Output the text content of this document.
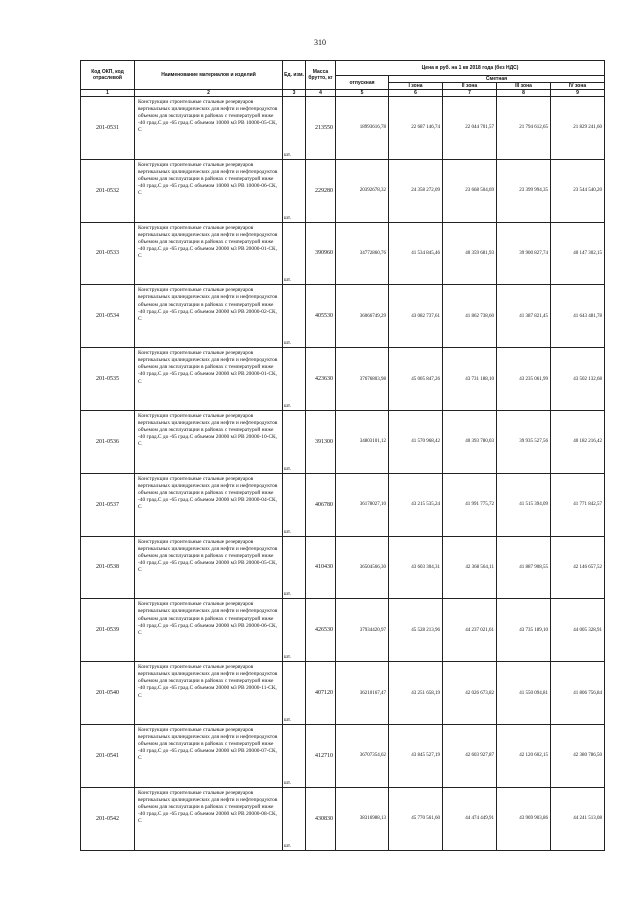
310
Код ОКП, код отраслевой	Наименование материалов и изделий	Ед. изм.	Масса брутто, кг	Цена в руб. на 1 кв 2018 года (без НДС)				
				отпускная	Сметная			
					I зона	II зона	III зона	IV зона
1	2	3	4	5	6	7	8	9
201-0531	Конструкции строительные стальные резервуаров вертикальных цилиндрических для нефти и нефтепродуктов объемом для эксплуатации в районах с температурой ниже -40 град.С до -65 град.С объемом 10000 м3 РВ 10000-05-СК, С	шт.	213550	18993616,78	22 687 146,74	22 044 701,57	21 794 612,65	21 829 241,60
201-0532	Конструкции строительные стальные резервуаров вертикальных цилиндрических для нефти и нефтепродуктов объемом для эксплуатации в районах с температурой ниже -40 град.С до -65 град.С объемом 10000 м3 РВ 10000-06-СК, С	шт.	229280	20392678,32	24 358 272,09	23 668 504,69	23 399 994,35	23 544 540,20
201-0533	Конструкции строительные стальные резервуаров вертикальных цилиндрических для нефти и нефтепродуктов объемом для эксплуатации в районах с температурой ниже -40 град.С до -65 град.С объемом 20000 м3 РВ 20000-01-СК, С	шт.	390960	34772860,76	41 534 845,46	40 359 681,93	39 900 827,74	40 147 302,15
201-0534	Конструкции строительные стальные резервуаров вертикальных цилиндрических для нефти и нефтепродуктов объемом для эксплуатации в районах с температурой ниже -40 град.С до -65 град.С объемом 20000 м3 РВ 20000-02-СК, С	шт.	405530	36066749,29	43 082 737,61	41 862 738,60	41 387 821,45	41 643 481,78
201-0535	Конструкции строительные стальные резервуаров вертикальных цилиндрических для нефти и нефтепродуктов объемом для эксплуатации в районах с температурой ниже -40 град.С до -65 град.С объемом 20000 м3 РВ 20000-01-СК, С	шт.	423630	37676803,98	45 005 847,26	43 731 188,10	43 235 061,99	43 502 132,68
201-0536	Конструкции строительные стальные резервуаров вертикальных цилиндрических для нефти и нефтепродуктов объемом для эксплуатации в районах с температурой ниже -40 град.С до -65 град.С объемом 20000 м3 РВ 20000-10-СК, С	шт.	391300	34803101,12	41 570 968,42	40 393 780,03	39 935 527,56	40 182 216,42
201-0537	Конструкции строительные стальные резервуаров вертикальных цилиндрических для нефти и нефтепродуктов объемом для эксплуатации в районах с температурой ниже -40 град.С до -65 град.С объемом 20000 м3 РВ 20000-04-СК, С	шт.	406780	36178027,10	43 215 535,24	41 991 775,72	41 515 394,09	41 771 842,57
201-0538	Конструкции строительные стальные резервуаров вертикальных цилиндрических для нефти и нефтепродуктов объемом для эксплуатации в районах с температурой ниже -40 град.С до -65 град.С объемом 20000 м3 РВ 20000-05-СК, С	шт.	410430	36504566,30	43 603 304,31	42 368 564,11	41 887 908,55	42 146 657,52
201-0539	Конструкции строительные стальные резервуаров вертикальных цилиндрических для нефти и нефтепродуктов объемом для эксплуатации в районах с температурой ниже -40 град.С до -65 град.С объемом 20000 м3 РВ 20000-06-СК, С	шт.	426530	37934420,97	45 528 213,96	44 237 021,61	43 735 189,10	44 005 328,91
201-0540	Конструкции строительные стальные резервуаров вертикальных цилиндрических для нефти и нефтепродуктов объемом для эксплуатации в районах с температурой ниже -40 град.С до -65 град.С объемом 20000 м3 РВ 20000-11-СК, С	шт.	407120	36210167,47	43 251 658,19	42 026 673,82	41 550 094,81	41 806 756,84
201-0541	Конструкции строительные стальные резервуаров вертикальных цилиндрических для нефти и нефтепродуктов объемом для эксплуатации в районах с температурой ниже -40 град.С до -65 град.С объемом 20000 м3 РВ 20000-07-СК, С	шт.	412710	36707354,62	43 845 527,19	42 603 927,87	42 120 602,15	42 380 786,50
201-0542	Конструкции строительные стальные резервуаров вертикальных цилиндрических для нефти и нефтепродуктов объемом для эксплуатации в районах с температурой ниже -40 град.С до -65 град.С объемом 20000 м3 РВ 20000-08-СК, С	шт.	430830	38316988,13	45 770 561,60	44 474 449,91	43 969 903,86	44 241 513,08
